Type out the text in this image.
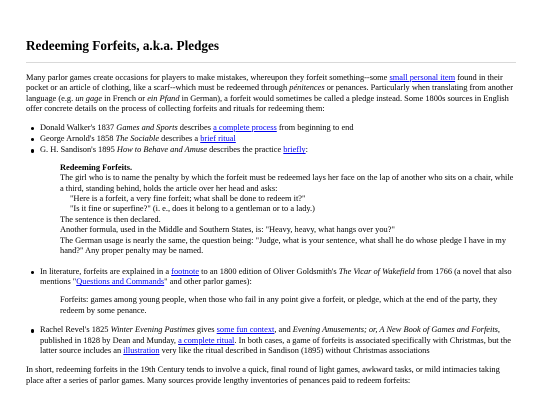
Redeeming Forfeits, a.k.a. Pledges

Many parlor games create occasions for players to make mistakes, whereupon they forfeit something--some small personal item found in their pocket or an article of clothing, like a scarf--which must be redeemed through pénitences or penances. Particularly when translating from another language (e.g. un gage in French or ein Pfand in German), a forfeit would sometimes be called a pledge instead. Some 1800s sources in English offer concrete details on the process of collecting forfeits and rituals for redeeming them:

Donald Walker's 1837 Games and Sports describes a complete process from beginning to end
George Arnold's 1858 The Sociable describes a brief ritual
G. H. Sandison's 1895 How to Behave and Amuse describes the practice briefly:
Redeeming Forfeits.
The girl who is to name the penalty by which the forfeit must be redeemed lays her face on the lap of another who sits on a chair, while a third, standing behind, holds the article over her head and asks:
"Here is a forfeit, a very fine forfeit; what shall be done to redeem it?"
"Is it fine or superfine?" (i. e., does it belong to a gentleman or to a lady.)
The sentence is then declared.
Another formula, used in the Middle and Southern States, is: "Heavy, heavy, what hangs over you?"
The German usage is nearly the same, the question being: "Judge, what is your sentence, what shall he do whose pledge I have in my hand?" Any proper penalty may be named.
In literature, forfeits are explained in a footnote to an 1800 edition of Oliver Goldsmith's The Vicar of Wakefield from 1766 (a novel that also mentions "Questions and Commands" and other parlor games):
Forfeits: games among young people, when those who fail in any point give a forfeit, or pledge, which at the end of the party, they redeem by some penance.
Rachel Revel's 1825 Winter Evening Pastimes gives some fun context, and Evening Amusements; or, A New Book of Games and Forfeits, published in 1828 by Dean and Munday, a complete ritual. In both cases, a game of forfeits is associated specifically with Christmas, but the latter source includes an illustration very like the ritual described in Sandison (1895) without Christmas associations

In short, redeeming forfeits in the 19th Century tends to involve a quick, final round of light games, awkward tasks, or mild intimacies taking place after a series of parlor games. Many sources provide lengthy inventories of penances paid to redeem forfeits:
